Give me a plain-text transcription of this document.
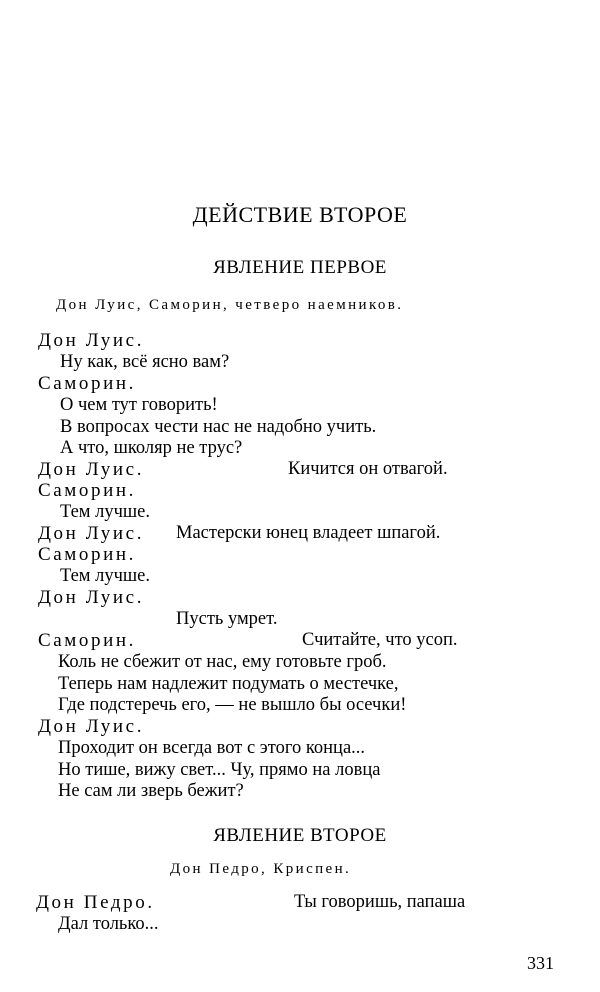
ДЕЙСТВИЕ ВТОРОЕ
ЯВЛЕНИЕ ПЕРВОЕ
Дон Луис, Саморин, четверо наемников.
Дон Луис.
Ну как, всё ясно вам?
Саморин.
О чем тут говорить!
В вопросах чести нас не надобно учить.
А что, школяр не трус?
Дон Луис.	Кичится он отвагой.
Саморин.
Тем лучше.
Дон Луис. Мастерски юнец владеет шпагой.
Саморин.
Тем лучше.
Дон Луис.
Пусть умрет.
Саморин.	Считайте, что усоп.
Коль не сбежит от нас, ему готовьте гроб.
Теперь нам надлежит подумать о местечке,
Где подстеречь его, — не вышло бы осечки!
Дон Луис.
Проходит он всегда вот с этого конца...
Но тише, вижу свет... Чу, прямо на ловца
Не сам ли зверь бежит?
ЯВЛЕНИЕ ВТОРОЕ
Дон Педро, Криспен.
Дон Педро.	Ты говоришь, папаша
Дал только...
331
